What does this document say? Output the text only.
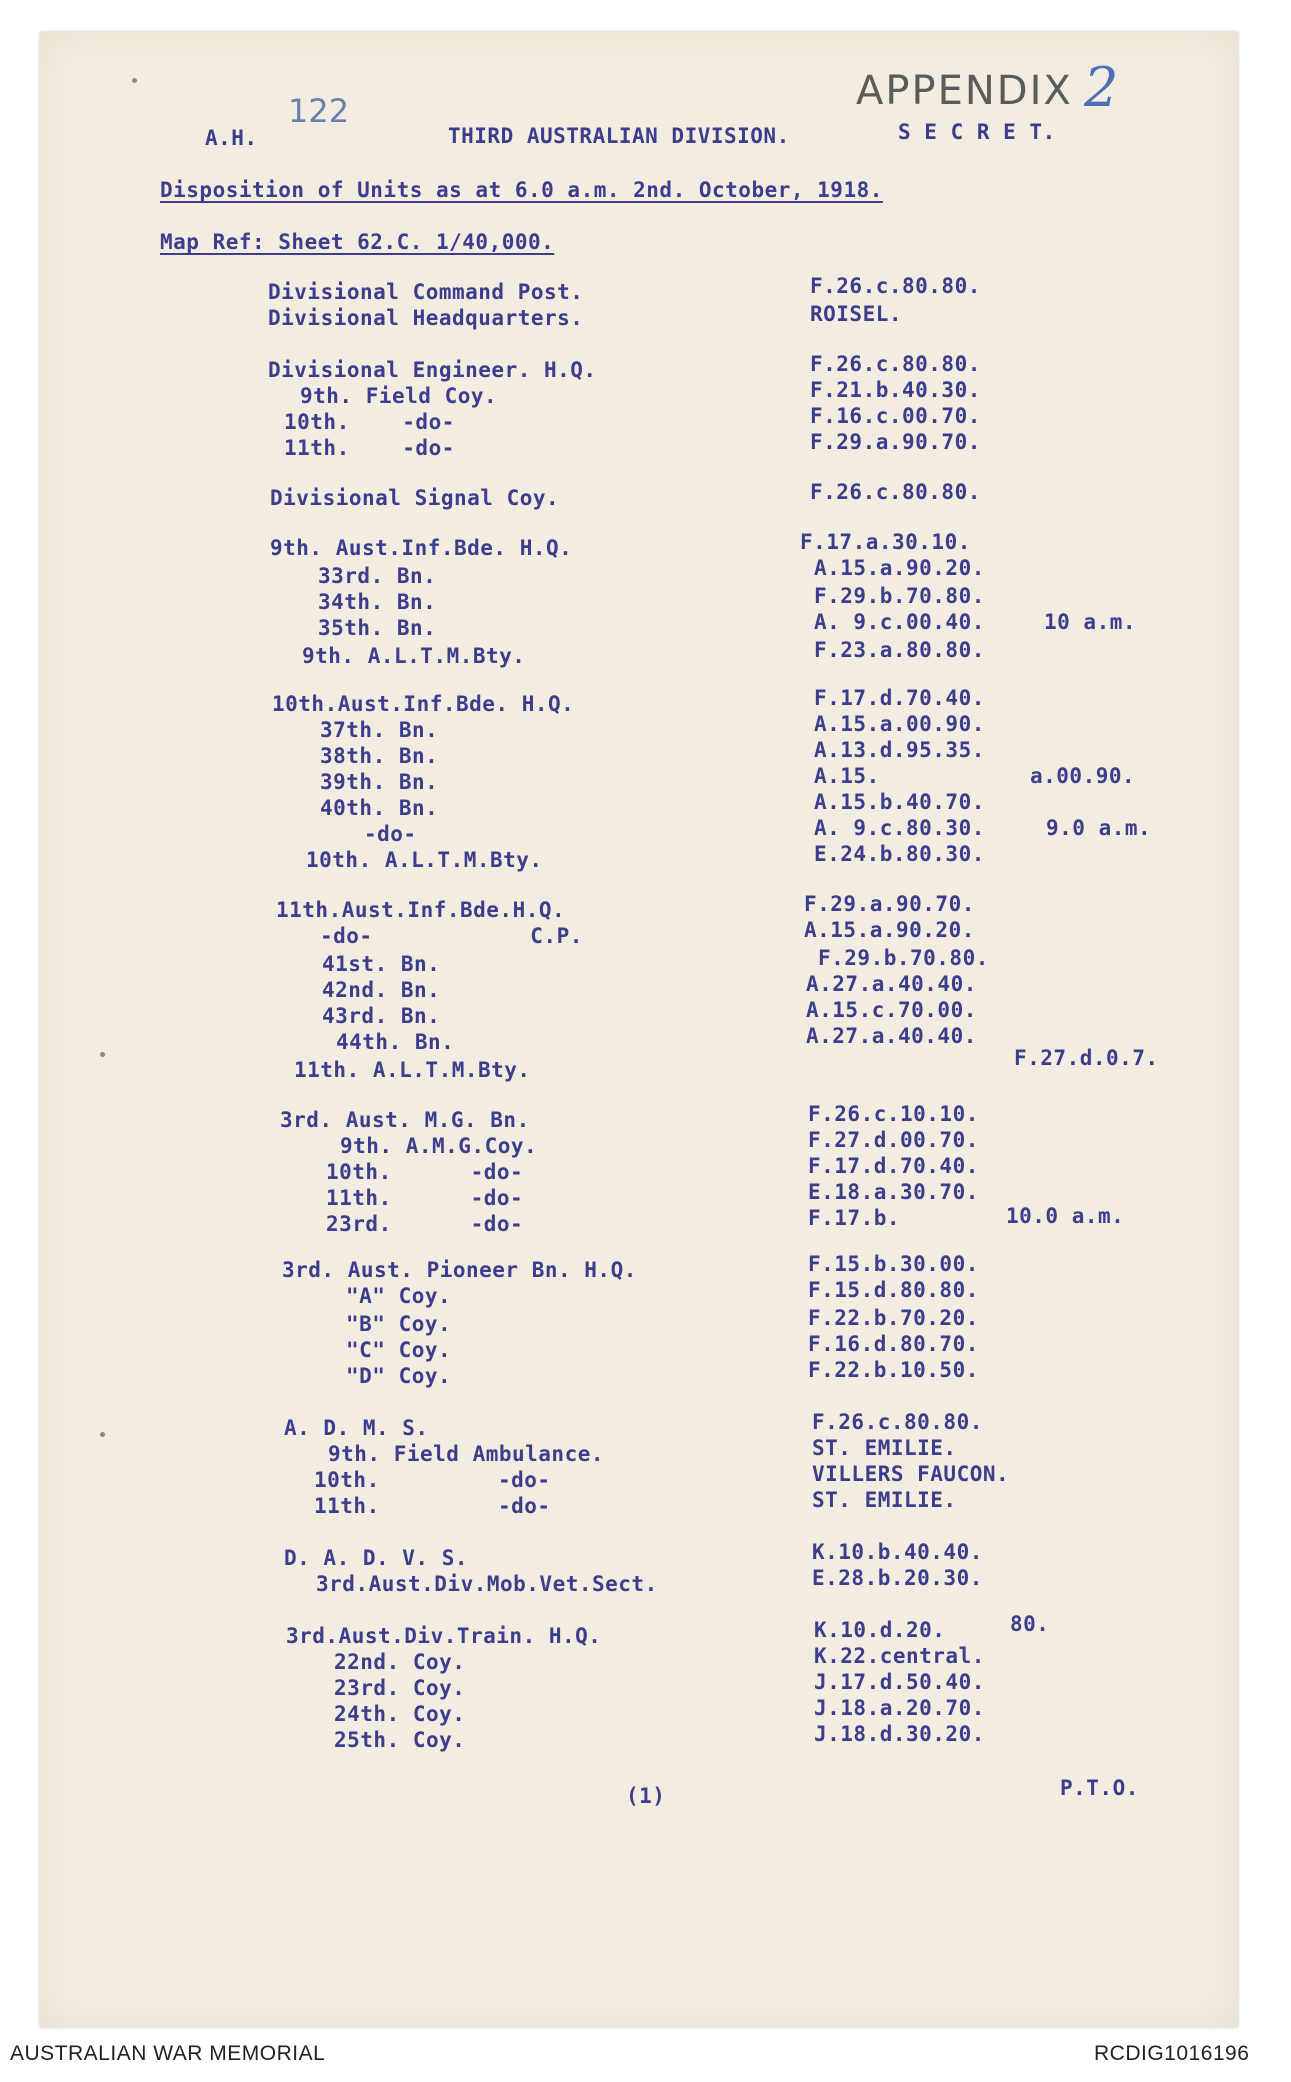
122	APPENDIX 2
A.H.	THIRD AUSTRALIAN DIVISION.	S E C R E T.
Disposition of Units as at 6.0 a.m. 2nd. October, 1918.
Map Ref: Sheet 62.C. 1/40,000.
Divisional Command Post.	F.26.c.80.80.
Divisional Headquarters.	ROISEL.
Divisional Engineer. H.Q.	F.26.c.80.80.
9th. Field Coy.	F.21.b.40.30.
10th.    -do-	F.16.c.00.70.
11th.    -do-	F.29.a.90.70.
Divisional Signal Coy.	F.26.c.80.80.
9th. Aust.Inf.Bde. H.Q.	F.17.a.30.10.
33rd. Bn.	A.15.a.90.20.
34th. Bn.	F.29.b.70.80.
35th. Bn.	A. 9.c.00.40.	10 a.m.
9th. A.L.T.M.Bty.	F.23.a.80.80.
10th.Aust.Inf.Bde. H.Q.	F.17.d.70.40.
37th. Bn.	A.15.a.00.90.
38th. Bn.	A.13.d.95.35.
39th. Bn.	A.15.	a.00.90.
40th. Bn.	A.15.b.40.70.
-do-	A. 9.c.80.30.	9.0 a.m.
10th. A.L.T.M.Bty.	E.24.b.80.30.
11th.Aust.Inf.Bde.H.Q.	F.29.a.90.70.
-do-            C.P.	A.15.a.90.20.
41st. Bn.	F.29.b.70.80.
42nd. Bn.	A.27.a.40.40.
43rd. Bn.	A.15.c.70.00.
44th. Bn.	A.27.a.40.40.
11th. A.L.T.M.Bty.	F.27.d.0.7.
3rd. Aust. M.G. Bn.	F.26.c.10.10.
9th. A.M.G.Coy.	F.27.d.00.70.
10th.      -do-	F.17.d.70.40.
11th.      -do-	E.18.a.30.70.
23rd.      -do-	F.17.b.	10.0 a.m.
3rd. Aust. Pioneer Bn. H.Q.	F.15.b.30.00.
"A" Coy.	F.15.d.80.80.
"B" Coy.	F.22.b.70.20.
"C" Coy.	F.16.d.80.70.
"D" Coy.	F.22.b.10.50.
A. D. M. S.	F.26.c.80.80.
9th. Field Ambulance.	ST. EMILIE.
10th.         -do-	VILLERS FAUCON.
11th.         -do-	ST. EMILIE.
D. A. D. V. S.	K.10.b.40.40.
3rd.Aust.Div.Mob.Vet.Sect.	E.28.b.20.30.
3rd.Aust.Div.Train. H.Q.	K.10.d.20.	80.
22nd. Coy.	K.22.central.
23rd. Coy.	J.17.d.50.40.
24th. Coy.	J.18.a.20.70.
25th. Coy.	J.18.d.30.20.
(1)	P.T.O.
AUSTRALIAN WAR MEMORIAL	RCDIG1016196
